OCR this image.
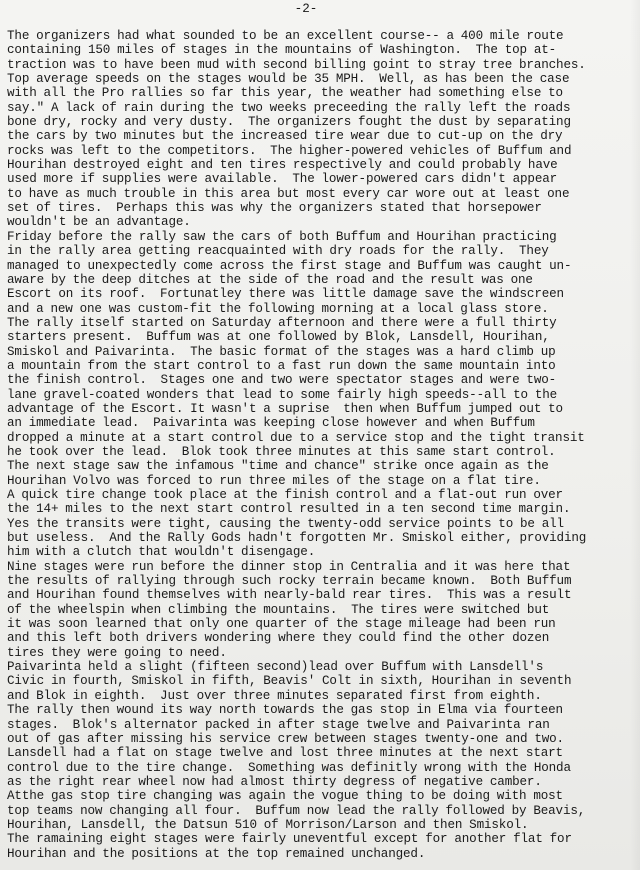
-2-

The organizers had what sounded to be an excellent course-- a 400 mile route
containing 150 miles of stages in the mountains of Washington.  The top at-
traction was to have been mud with second billing goint to stray tree branches.
Top average speeds on the stages would be 35 MPH.  Well, as has been the case
with all the Pro rallies so far this year, the weather had something else to
say." A lack of rain during the two weeks preceeding the rally left the roads
bone dry, rocky and very dusty.  The organizers fought the dust by separating
the cars by two minutes but the increased tire wear due to cut-up on the dry
rocks was left to the competitors.  The higher-powered vehicles of Buffum and
Hourihan destroyed eight and ten tires respectively and could probably have
used more if supplies were available.  The lower-powered cars didn't appear
to have as much trouble in this area but most every car wore out at least one
set of tires.  Perhaps this was why the organizers stated that horsepower
wouldn't be an advantage.
Friday before the rally saw the cars of both Buffum and Hourihan practicing
in the rally area getting reacquainted with dry roads for the rally.  They
managed to unexpectedly come across the first stage and Buffum was caught un-
aware by the deep ditches at the side of the road and the result was one
Escort on its roof.  Fortunatley there was little damage save the windscreen
and a new one was custom-fit the following morning at a local glass store.
The rally itself started on Saturday afternoon and there were a full thirty
starters present.  Buffum was at one followed by Blok, Lansdell, Hourihan,
Smiskol and Paivarinta.  The basic format of the stages was a hard climb up
a mountain from the start control to a fast run down the same mountain into
the finish control.  Stages one and two were spectator stages and were two-
lane gravel-coated wonders that lead to some fairly high speeds--all to the
advantage of the Escort. It wasn't a suprise  then when Buffum jumped out to
an immediate lead.  Paivarinta was keeping close however and when Buffum
dropped a minute at a start control due to a service stop and the tight transit
he took over the lead.  Blok took three minutes at this same start control.
The next stage saw the infamous "time and chance" strike once again as the
Hourihan Volvo was forced to run three miles of the stage on a flat tire.
A quick tire change took place at the finish control and a flat-out run over
the 14+ miles to the next start control resulted in a ten second time margin.
Yes the transits were tight, causing the twenty-odd service points to be all
but useless.  And the Rally Gods hadn't forgotten Mr. Smiskol either, providing
him with a clutch that wouldn't disengage.
Nine stages were run before the dinner stop in Centralia and it was here that
the results of rallying through such rocky terrain became known.  Both Buffum
and Hourihan found themselves with nearly-bald rear tires.  This was a result
of the wheelspin when climbing the mountains.  The tires were switched but
it was soon learned that only one quarter of the stage mileage had been run
and this left both drivers wondering where they could find the other dozen
tires they were going to need.
Paivarinta held a slight (fifteen second)lead over Buffum with Lansdell's
Civic in fourth, Smiskol in fifth, Beavis' Colt in sixth, Hourihan in seventh
and Blok in eighth.  Just over three minutes separated first from eighth.
The rally then wound its way north towards the gas stop in Elma via fourteen
stages.  Blok's alternator packed in after stage twelve and Paivarinta ran
out of gas after missing his service crew between stages twenty-one and two.
Lansdell had a flat on stage twelve and lost three minutes at the next start
control due to the tire change.  Something was definitly wrong with the Honda
as the right rear wheel now had almost thirty degress of negative camber.
Atthe gas stop tire changing was again the vogue thing to be doing with most
top teams now changing all four.  Buffum now lead the rally followed by Beavis,
Hourihan, Lansdell, the Datsun 510 of Morrison/Larson and then Smiskol.
The ramaining eight stages were fairly uneventful except for another flat for
Hourihan and the positions at the top remained unchanged.
